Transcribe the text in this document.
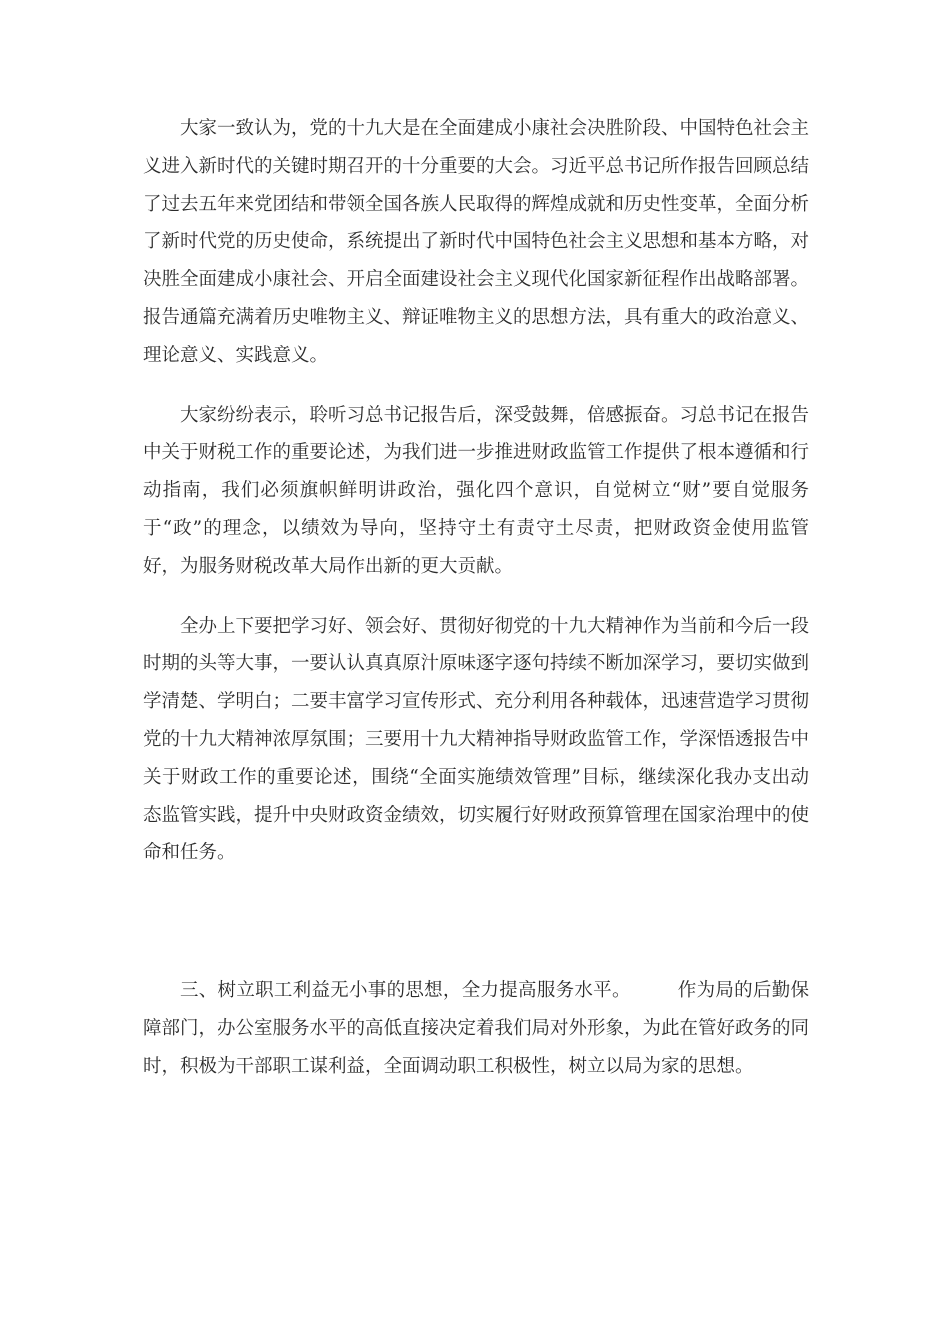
大家一致认为，党的十九大是在全面建成小康社会决胜阶段、中国特色社会主义进入新时代的关键时期召开的十分重要的大会。习近平总书记所作报告回顾总结了过去五年来党团结和带领全国各族人民取得的辉煌成就和历史性变革，全面分析了新时代党的历史使命，系统提出了新时代中国特色社会主义思想和基本方略，对决胜全面建成小康社会、开启全面建设社会主义现代化国家新征程作出战略部署。报告通篇充满着历史唯物主义、辩证唯物主义的思想方法，具有重大的政治意义、理论意义、实践意义。

大家纷纷表示，聆听习总书记报告后，深受鼓舞，倍感振奋。习总书记在报告中关于财税工作的重要论述，为我们进一步推进财政监管工作提供了根本遵循和行动指南，我们必须旗帜鲜明讲政治，强化四个意识，自觉树立“财”要自觉服务于“政”的理念，以绩效为导向，坚持守土有责守土尽责，把财政资金使用监管好，为服务财税改革大局作出新的更大贡献。

全办上下要把学习好、领会好、贯彻好彻党的十九大精神作为当前和今后一段时期的头等大事，一要认认真真原汁原味逐字逐句持续不断加深学习，要切实做到学清楚、学明白；二要丰富学习宣传形式、充分利用各种载体，迅速营造学习贯彻党的十九大精神浓厚氛围；三要用十九大精神指导财政监管工作，学深悟透报告中关于财政工作的重要论述，围绕“全面实施绩效管理”目标，继续深化我办支出动态监管实践，提升中央财政资金绩效，切实履行好财政预算管理在国家治理中的使命和任务。

三、树立职工利益无小事的思想，全力提高服务水平。　　　作为局的后勤保障部门，办公室服务水平的高低直接决定着我们局对外形象，为此在管好政务的同时，积极为干部职工谋利益，全面调动职工积极性，树立以局为家的思想。
